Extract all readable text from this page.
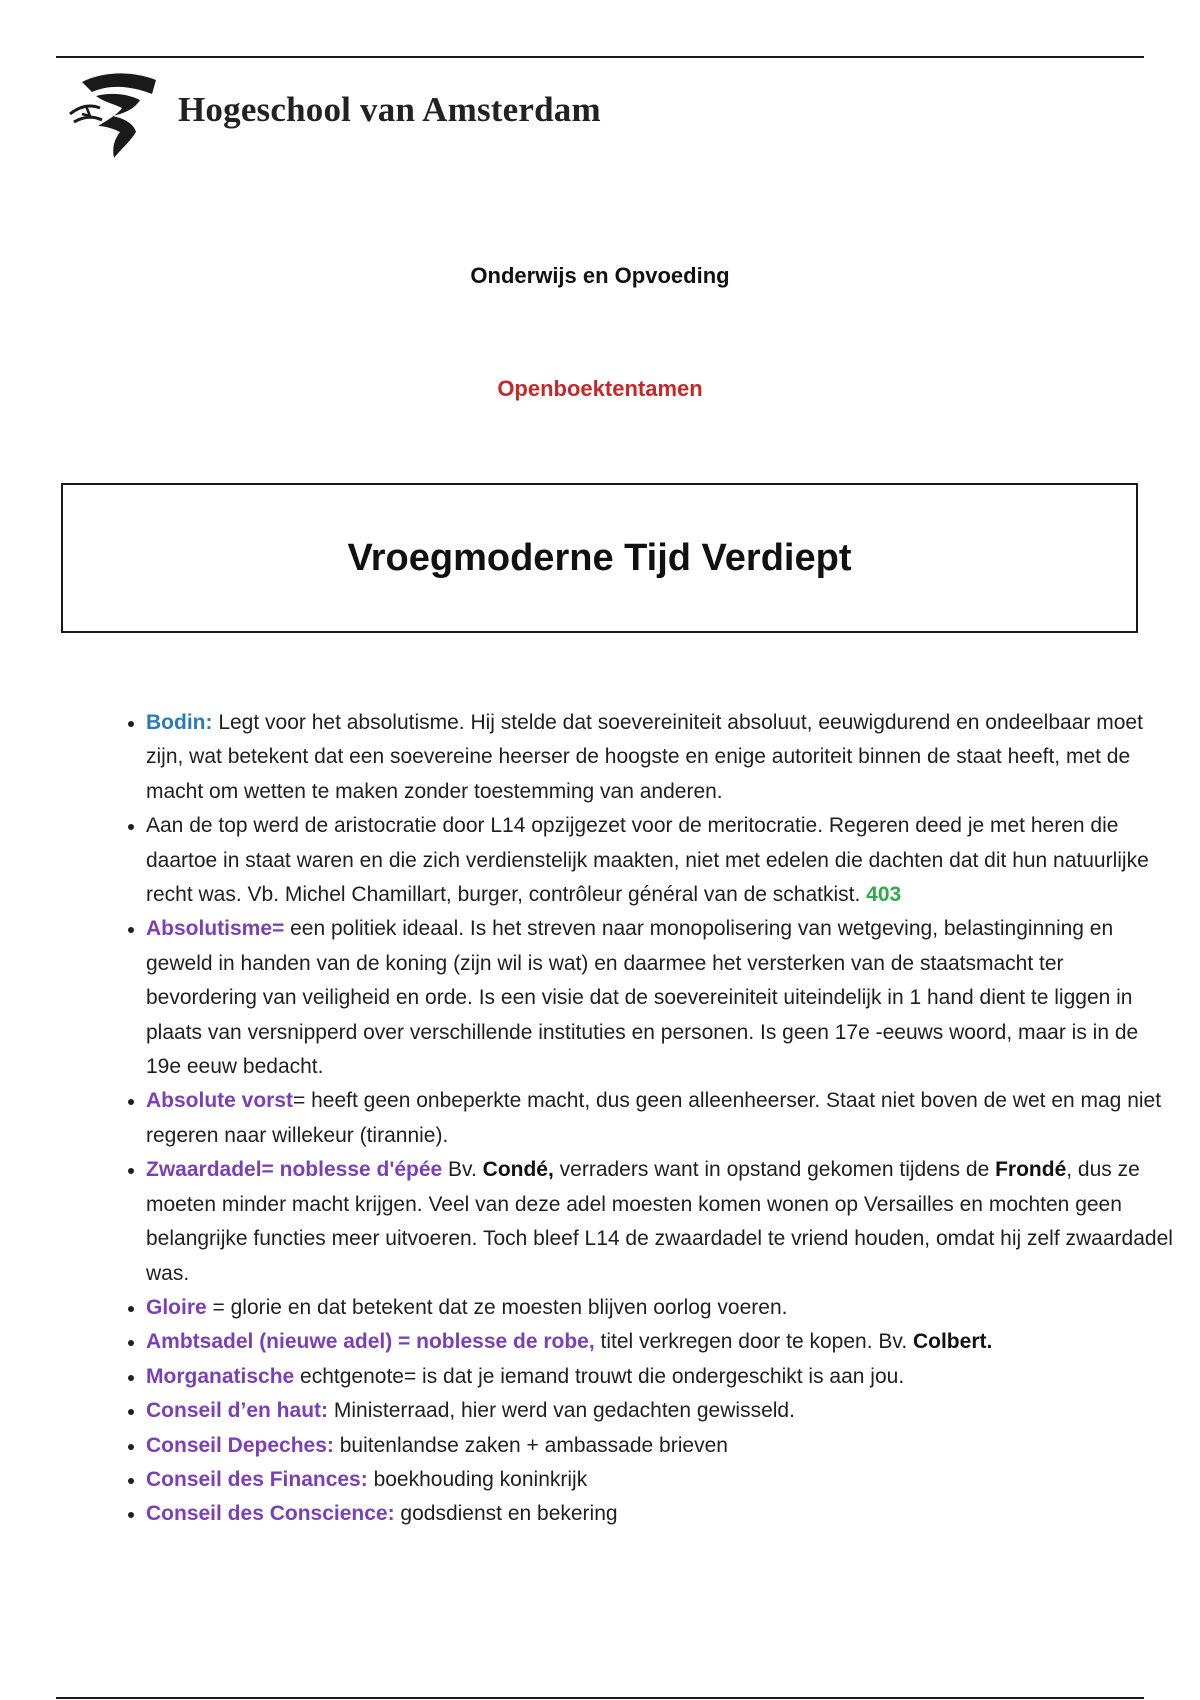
Hogeschool van Amsterdam
Onderwijs en Opvoeding
Openboektentamen
Vroegmoderne Tijd Verdiept
• Bodin: Legt voor het absolutisme. Hij stelde dat soevereiniteit absoluut, eeuwigdurend en ondeelbaar moet zijn, wat betekent dat een soevereine heerser de hoogste en enige autoriteit binnen de staat heeft, met de macht om wetten te maken zonder toestemming van anderen.
• Aan de top werd de aristocratie door L14 opzijgezet voor de meritocratie. Regeren deed je met heren die daartoe in staat waren en die zich verdienstelijk maakten, niet met edelen die dachten dat dit hun natuurlijke recht was. Vb. Michel Chamillart, burger, contrôleur général van de schatkist. 403
• Absolutisme= een politiek ideaal. Is het streven naar monopolisering van wetgeving, belastinginning en geweld in handen van de koning (zijn wil is wat) en daarmee het versterken van de staatsmacht ter bevordering van veiligheid en orde. Is een visie dat de soevereiniteit uiteindelijk in 1 hand dient te liggen in plaats van versnipperd over verschillende instituties en personen. Is geen 17e -eeuws woord, maar is in de 19e eeuw bedacht.
• Absolute vorst= heeft geen onbeperkte macht, dus geen alleenheerser. Staat niet boven de wet en mag niet regeren naar willekeur (tirannie).
• Zwaardadel= noblesse d'épée Bv. Condé, verraders want in opstand gekomen tijdens de Frondé, dus ze moeten minder macht krijgen. Veel van deze adel moesten komen wonen op Versailles en mochten geen belangrijke functies meer uitvoeren. Toch bleef L14 de zwaardadel te vriend houden, omdat hij zelf zwaardadel was.
• Gloire = glorie en dat betekent dat ze moesten blijven oorlog voeren.
• Ambtsadel (nieuwe adel) = noblesse de robe, titel verkregen door te kopen. Bv. Colbert.
• Morganatische echtgenote= is dat je iemand trouwt die ondergeschikt is aan jou.
• Conseil d’en haut: Ministerraad, hier werd van gedachten gewisseld.
• Conseil Depeches: buitenlandse zaken + ambassade brieven
• Conseil des Finances: boekhouding koninkrijk
• Conseil des Conscience: godsdienst en bekering
